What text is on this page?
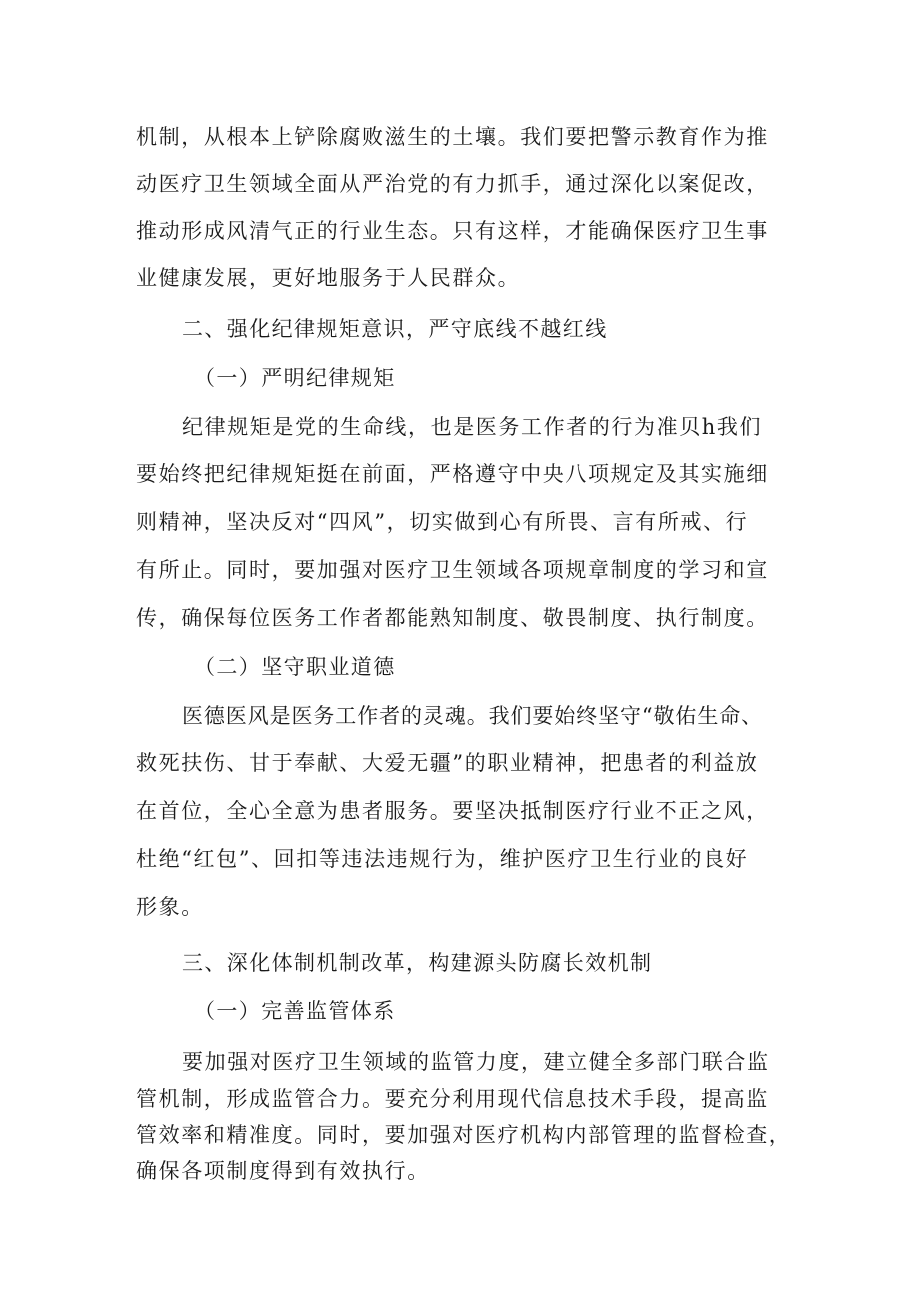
机制，从根本上铲除腐败滋生的土壤。我们要把警示教育作为推
动医疗卫生领域全面从严治党的有力抓手，通过深化以案促改，
推动形成风清气正的行业生态。只有这样，才能确保医疗卫生事
业健康发展，更好地服务于人民群众。
二、强化纪律规矩意识，严守底线不越红线
（一）严明纪律规矩
纪律规矩是党的生命线，也是医务工作者的行为准贝h我们
要始终把纪律规矩挺在前面，严格遵守中央八项规定及其实施细
则精神，坚决反对“四风”，切实做到心有所畏、言有所戒、行
有所止。同时，要加强对医疗卫生领域各项规章制度的学习和宣
传，确保每位医务工作者都能熟知制度、敬畏制度、执行制度。
（二）坚守职业道德
医德医风是医务工作者的灵魂。我们要始终坚守“敬佑生命、
救死扶伤、甘于奉献、大爱无疆”的职业精神，把患者的利益放
在首位，全心全意为患者服务。要坚决抵制医疗行业不正之风，
杜绝“红包”、回扣等违法违规行为，维护医疗卫生行业的良好
形象。
三、深化体制机制改革，构建源头防腐长效机制
（一）完善监管体系
要加强对医疗卫生领域的监管力度，建立健全多部门联合监
管机制，形成监管合力。要充分利用现代信息技术手段，提高监
管效率和精准度。同时，要加强对医疗机构内部管理的监督检查，
确保各项制度得到有效执行。
